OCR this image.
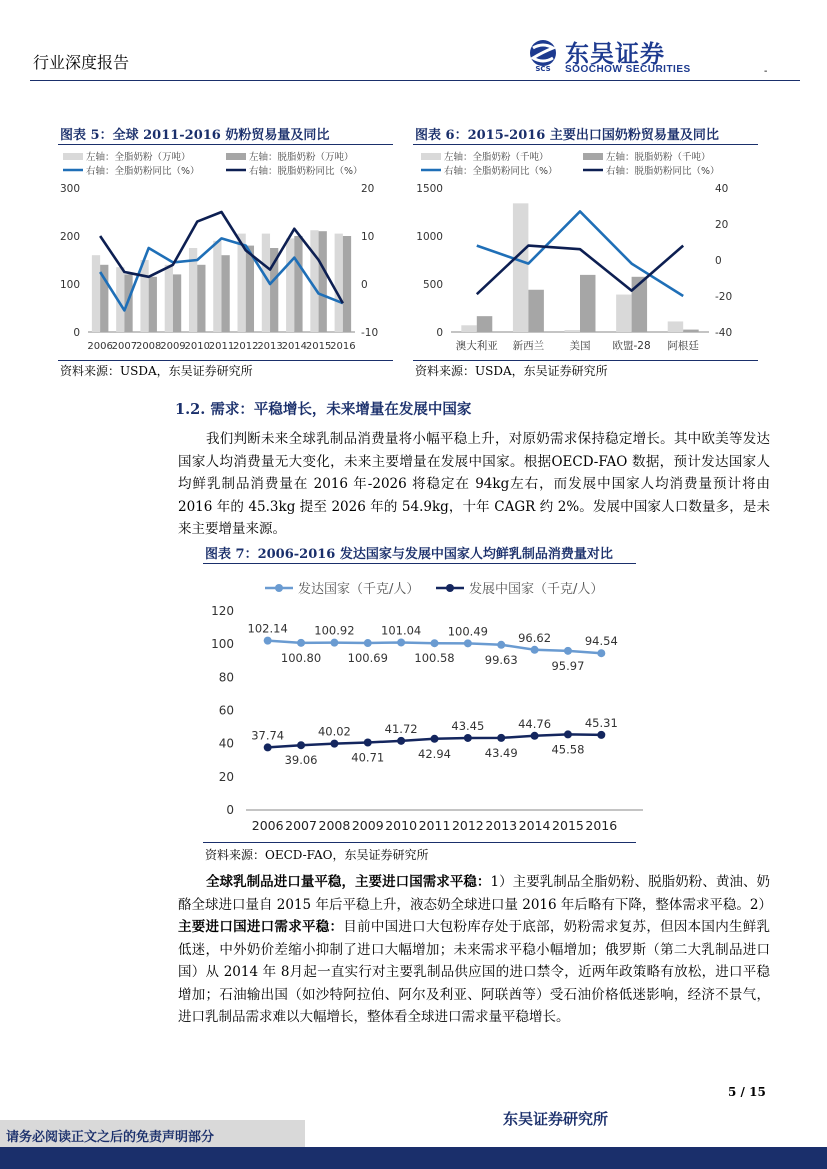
行业深度报告	SCS
东吴证券
SOOCHOW SECURITIES	-
图表 5：全球 2011-2016 奶粉贸易量及同比
左轴：全脂奶粉（万吨）	左轴：脱脂奶粉（万吨）
右轴：全脂奶粉同比（%）	右轴：脱脂奶粉同比（%）
0
100
200
300
-10
0
10
20
2006
2007
2008
2009
2010
2011
2012
2013
2014
2015
2016
资料来源：USDA，东吴证券研究所
图表 6：2015-2016 主要出口国奶粉贸易量及同比
左轴：全脂奶粉（千吨）	左轴：脱脂奶粉（千吨）
右轴：全脂奶粉同比（%）	右轴：脱脂奶粉同比（%）
0
500
1000
1500
-40
-20
0
20
40
澳大利亚 新西兰 美国 欧盟-28 阿根廷
资料来源：USDA，东吴证券研究所
1.2. 需求：平稳增长，未来增量在发展中国家
我们判断未来全球乳制品消费量将小幅平稳上升，对原奶需求保持稳定增长。其中欧美等发达国家人均消费量无大变化，未来主要增量在发展中国家。根据OECD-FAO 数据，预计发达国家人均鲜乳制品消费量在 2016 年-2026 将稳定在 94kg左右，而发展中国家人均消费量预计将由 2016 年的 45.3kg 提至 2026 年的 54.9kg，十年 CAGR 约 2%。发展中国家人口数量多，是未来主要增量来源。
图表 7：2006-2016 发达国家与发展中国家人均鲜乳制品消费量对比
发达国家（千克/人）	发展中国家（千克/人）
0
20
40
60
80
100
120
2006 2007 2008 2009 2010 2011 2012 2013 2014 2015 2016
102.14
100.80
100.92
100.69
101.04
100.58
100.49
99.63
96.62
95.97
94.54
37.74
39.06
40.02
40.71
41.72
42.94
43.45
43.49
44.76
45.58
45.31
资料来源：OECD-FAO，东吴证券研究所
全球乳制品进口量平稳，主要进口国需求平稳：1）主要乳制品全脂奶粉、脱脂奶粉、黄油、奶酪全球进口量自 2015 年后平稳上升，液态奶全球进口量 2016 年后略有下降，整体需求平稳。2）主要进口国进口需求平稳：目前中国进口大包粉库存处于底部，奶粉需求复苏，但因本国内生鲜乳低迷，中外奶价差缩小抑制了进口大幅增加；未来需求平稳小幅增加；俄罗斯（第二大乳制品进口国）从 2014 年 8月起一直实行对主要乳制品供应国的进口禁令，近两年政策略有放松，进口平稳增加；石油输出国（如沙特阿拉伯、阿尔及利亚、阿联酋等）受石油价格低迷影响，经济不景气，进口乳制品需求难以大幅增长，整体看全球进口需求量平稳增长。
5 / 15
请务必阅读正文之后的免责声明部分
东吴证券研究所
